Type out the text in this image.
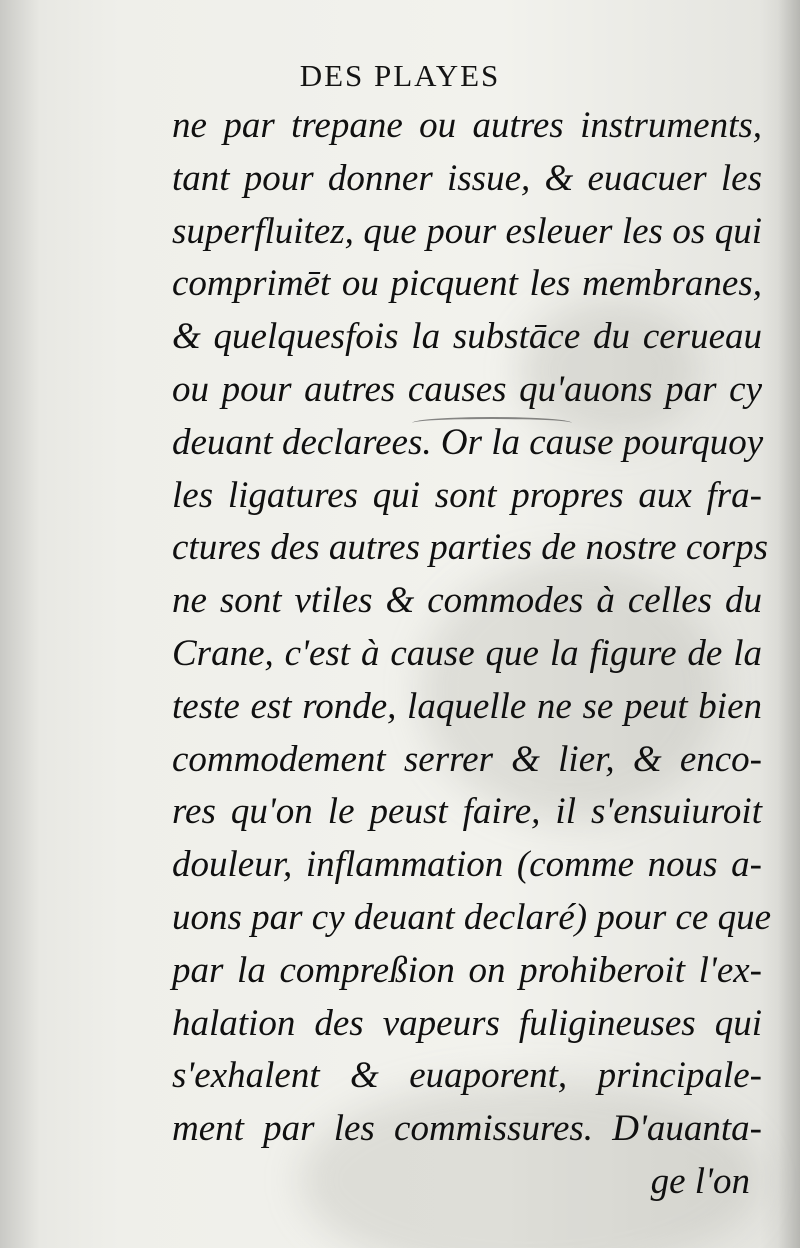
DES PLAYES
ne par trepane ou autres instruments,
tant pour donner issue, & euacuer les
superfluitez, que pour esleuer les os qui
comprimēt ou picquent les membranes,
& quelquesfois la substāce du cerueau
ou pour autres causes qu'auons par cy
deuant declarees. Or la cause pourquoy
les ligatures qui sont propres aux fra-
ctures des autres parties de nostre corps
ne sont vtiles & commodes à celles du
Crane, c'est à cause que la figure de la
teste est ronde, laquelle ne se peut bien
commodement serrer & lier, & enco-
res qu'on le peust faire, il s'ensuiuroit
douleur, inflammation (comme nous a-
uons par cy deuant declaré) pour ce que
par la compreßion on prohiberoit l'ex-
halation des vapeurs fuligineuses qui
s'exhalent & euaporent, principale-
ment par les commissures. D'auanta-
ge l'on
